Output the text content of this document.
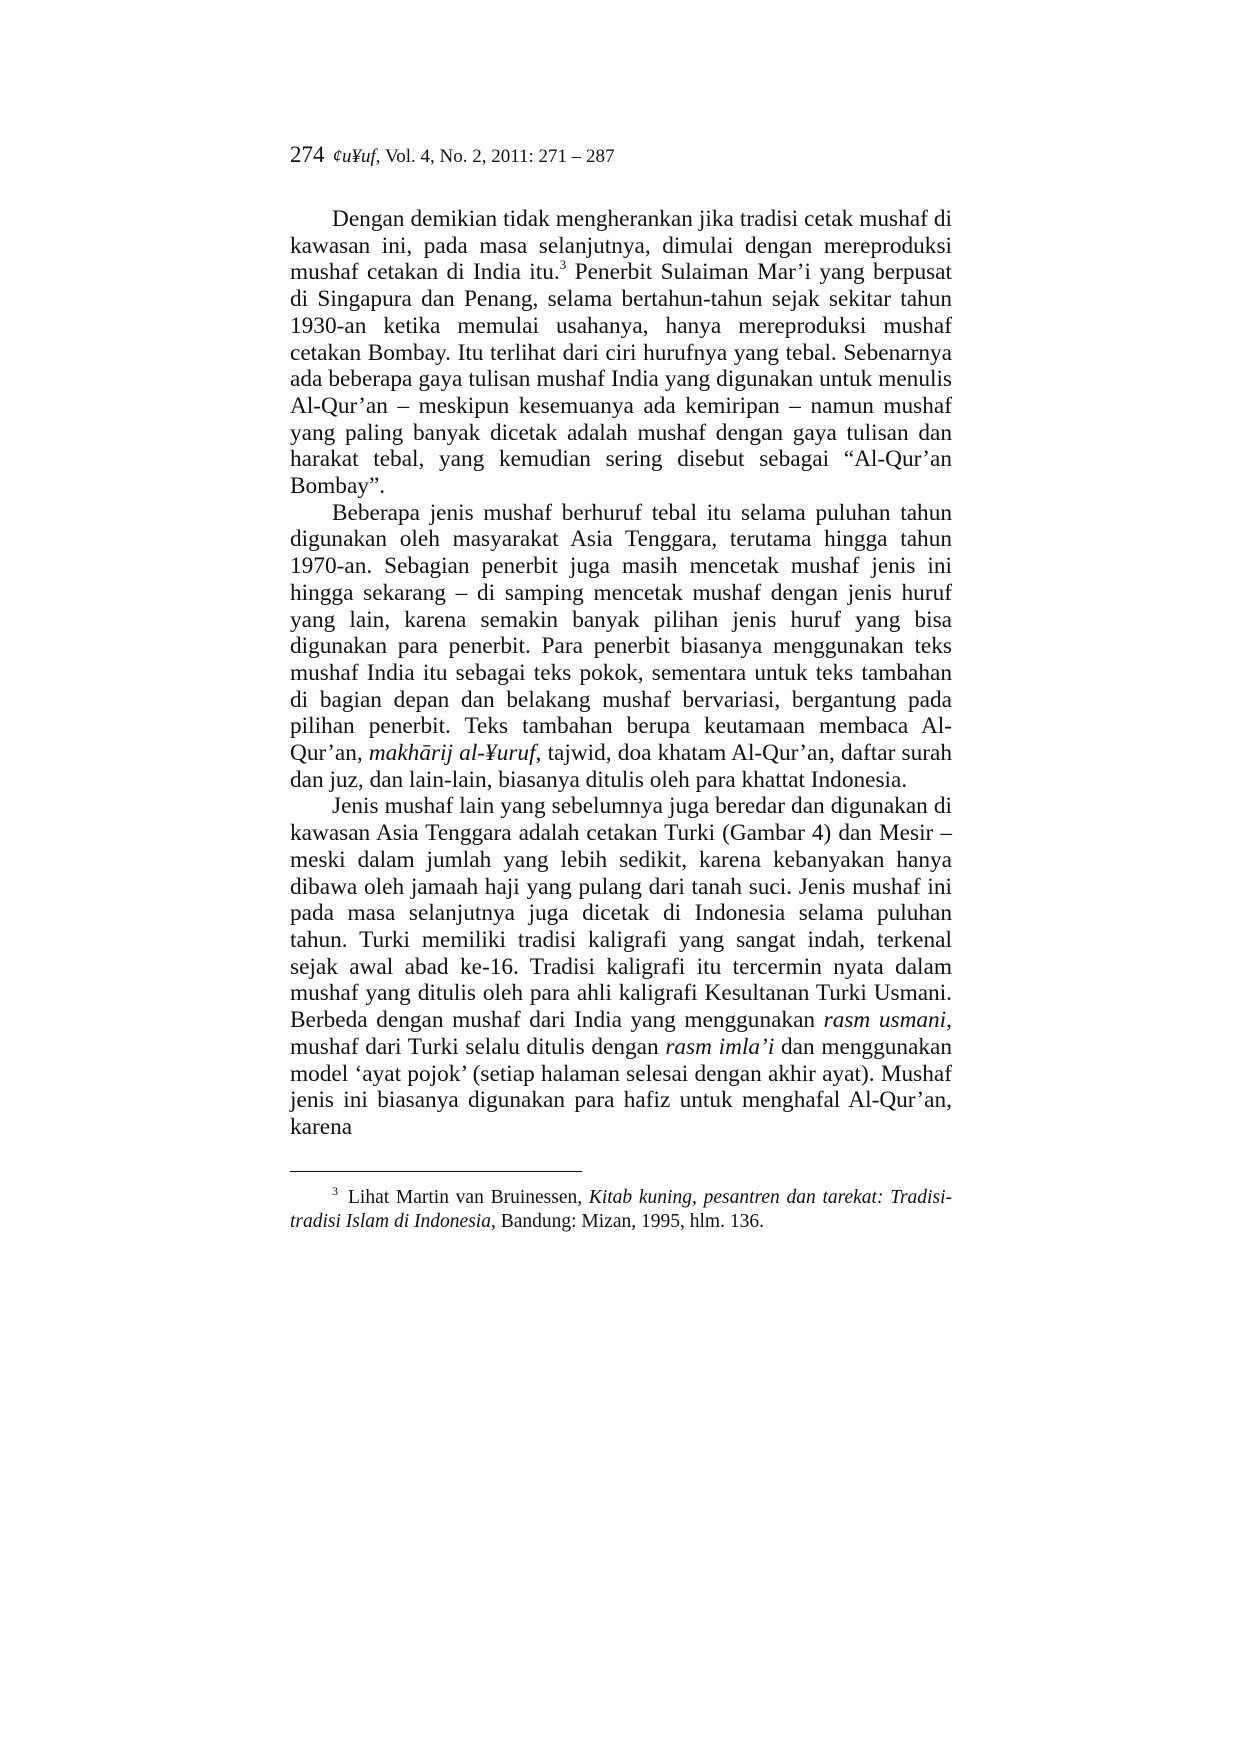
274 ¢u¥uf, Vol. 4, No. 2, 2011: 271 – 287

Dengan demikian tidak mengherankan jika tradisi cetak mushaf di kawasan ini, pada masa selanjutnya, dimulai dengan mereproduksi mushaf cetakan di India itu.$^3$ Penerbit Sulaiman Mar’i yang berpusat di Singapura dan Penang, selama bertahun-tahun sejak sekitar tahun 1930-an ketika memulai usahanya, hanya mereproduksi mushaf cetakan Bombay. Itu terlihat dari ciri hurufnya yang tebal. Sebenarnya ada beberapa gaya tulisan mushaf India yang digunakan untuk menulis Al-Qur’an – meskipun kesemuanya ada kemiripan – namun mushaf yang paling banyak dicetak adalah mushaf dengan gaya tulisan dan harakat tebal, yang kemudian sering disebut sebagai “Al-Qur’an Bombay”.

Beberapa jenis mushaf berhuruf tebal itu selama puluhan tahun digunakan oleh masyarakat Asia Tenggara, terutama hingga tahun 1970-an. Sebagian penerbit juga masih mencetak mushaf jenis ini hingga sekarang – di samping mencetak mushaf dengan jenis huruf yang lain, karena semakin banyak pilihan jenis huruf yang bisa digunakan para penerbit. Para penerbit biasanya menggunakan teks mushaf India itu sebagai teks pokok, sementara untuk teks tambahan di bagian depan dan belakang mushaf bervariasi, bergantung pada pilihan penerbit. Teks tambahan berupa keutamaan membaca Al-Qur’an, makhārij al-¥uruf, tajwid, doa khatam Al-Qur’an, daftar surah dan juz, dan lain-lain, biasanya ditulis oleh para khattat Indonesia.

Jenis mushaf lain yang sebelumnya juga beredar dan digunakan di kawasan Asia Tenggara adalah cetakan Turki (Gambar 4) dan Mesir – meski dalam jumlah yang lebih sedikit, karena kebanyakan hanya dibawa oleh jamaah haji yang pulang dari tanah suci. Jenis mushaf ini pada masa selanjutnya juga dicetak di Indonesia selama puluhan tahun. Turki memiliki tradisi kaligrafi yang sangat indah, terkenal sejak awal abad ke-16. Tradisi kaligrafi itu tercermin nyata dalam mushaf yang ditulis oleh para ahli kaligrafi Kesultanan Turki Usmani. Berbeda dengan mushaf dari India yang menggunakan rasm usmani, mushaf dari Turki selalu ditulis dengan rasm imla’i dan menggunakan model ‘ayat pojok’ (setiap halaman selesai dengan akhir ayat). Mushaf jenis ini biasanya digunakan para hafiz untuk menghafal Al-Qur’an, karena

$^3$ Lihat Martin van Bruinessen, Kitab kuning, pesantren dan tarekat: Tradisi-tradisi Islam di Indonesia, Bandung: Mizan, 1995, hlm. 136.
